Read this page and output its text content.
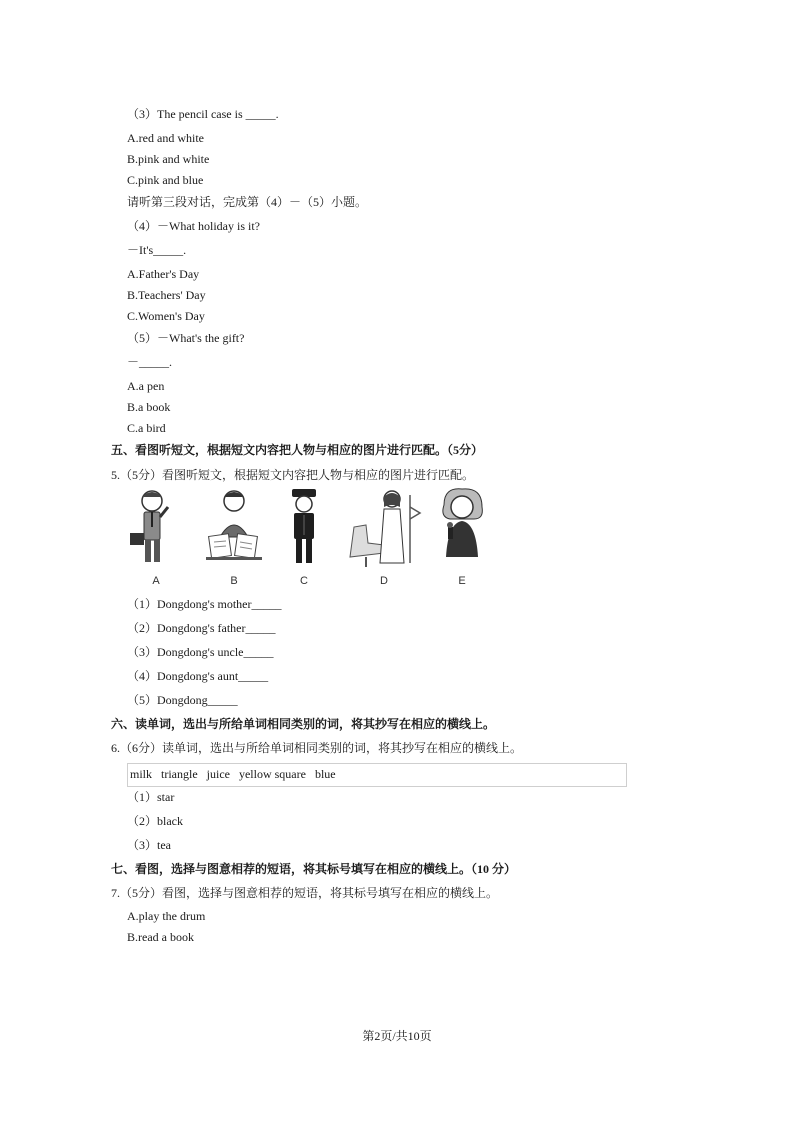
（3）The pencil case is _____.
A.red and white
B.pink and white
C.pink and blue
请听第三段对话，完成第（4）－（5）小题。
（4）－What holiday is it?
－It's_____.
A.Father's Day
B.Teachers' Day
C.Women's Day
（5）－What's the gift?
－_____.
A.a pen
B.a book
C.a bird
五、看图听短文，根据短文内容把人物与相应的图片进行匹配。（5分）
5.（5分）看图听短文，根据短文内容把人物与相应的图片进行匹配。
A	B	C	D	E
（1）Dongdong's mother_____
（2）Dongdong's father_____
（3）Dongdong's uncle_____
（4）Dongdong's aunt_____
（5）Dongdong_____
六、读单词，选出与所给单词相同类别的词，将其抄写在相应的横线上。
6.（6分）读单词，选出与所给单词相同类别的词，将其抄写在相应的横线上。
milk   triangle   juice   yellow square   blue
（1）star
（2）black
（3）tea
七、看图，选择与图意相荐的短语，将其标号填写在相应的横线上。（10 分）
7.（5分）看图，选择与图意相荐的短语，将其标号填写在相应的横线上。
A.play the drum
B.read a book
第2页/共10页
